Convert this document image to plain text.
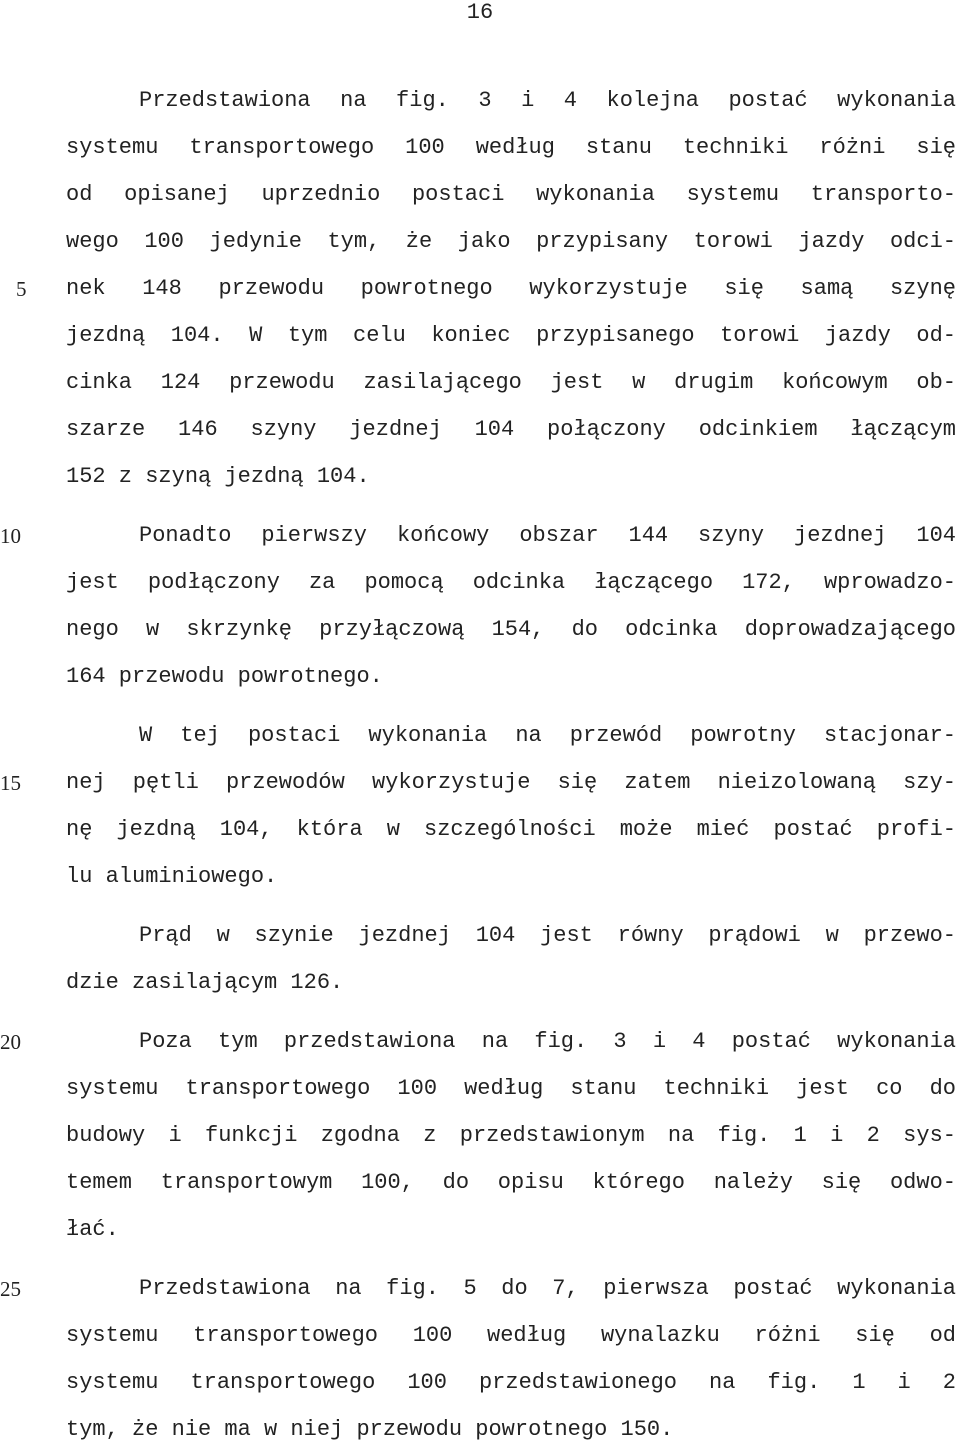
16
5
10
15
20
25
Przedstawiona na fig. 3 i 4 kolejna postać wykonania
systemu transportowego 100 według stanu techniki różni się
od opisanej uprzednio postaci wykonania systemu transporto-
wego 100 jedynie tym, że jako przypisany torowi jazdy odci-
nek 148 przewodu powrotnego wykorzystuje się samą szynę
jezdną 104. W tym celu koniec przypisanego torowi jazdy od-
cinka 124 przewodu zasilającego jest w drugim końcowym ob-
szarze 146 szyny jezdnej 104 połączony odcinkiem łączącym
152 z szyną jezdną 104.
Ponadto pierwszy końcowy obszar 144 szyny jezdnej 104
jest podłączony za pomocą odcinka łączącego 172, wprowadzo-
nego w skrzynkę przyłączową 154, do odcinka doprowadzającego
164 przewodu powrotnego.
W tej postaci wykonania na przewód powrotny stacjonar-
nej pętli przewodów wykorzystuje się zatem nieizolowaną szy-
nę jezdną 104, która w szczególności może mieć postać profi-
lu aluminiowego.
Prąd w szynie jezdnej 104 jest równy prądowi w przewo-
dzie zasilającym 126.
Poza tym przedstawiona na fig. 3 i 4 postać wykonania
systemu transportowego 100 według stanu techniki jest co do
budowy i funkcji zgodna z przedstawionym na fig. 1 i 2 sys-
temem transportowym 100, do opisu którego należy się odwo-
łać.
Przedstawiona na fig. 5 do 7, pierwsza postać wykonania
systemu transportowego 100 według wynalazku różni się od
systemu transportowego 100 przedstawionego na fig. 1 i 2
tym, że nie ma w niej przewodu powrotnego 150.
